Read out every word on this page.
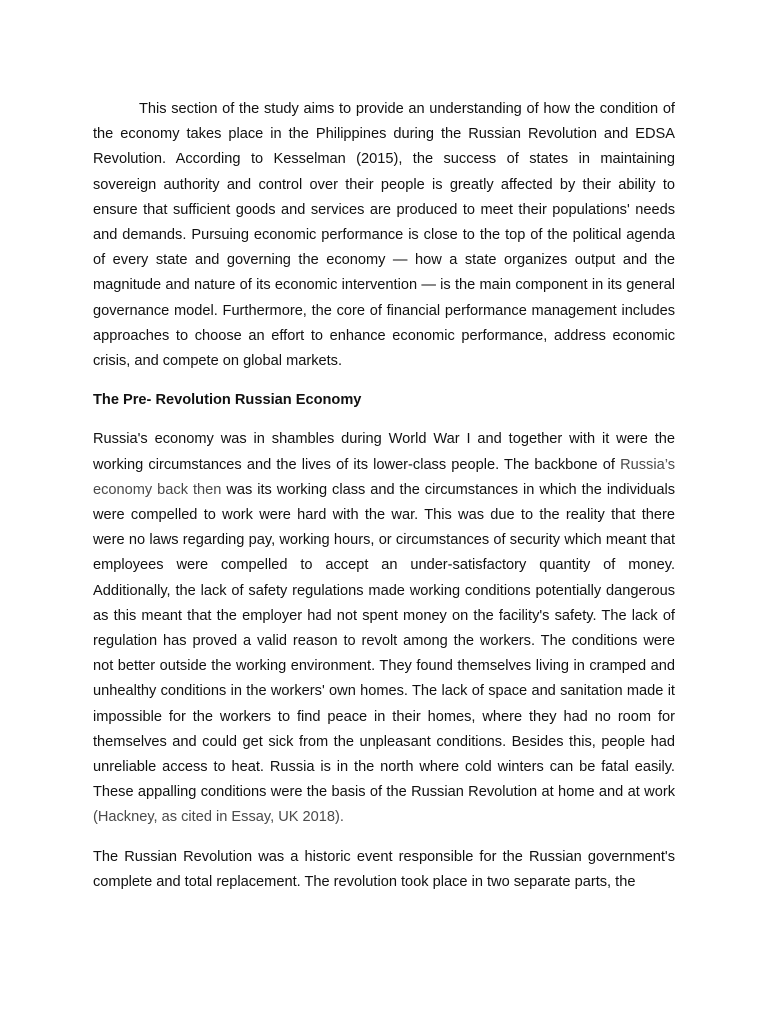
This section of the study aims to provide an understanding of how the condition of the economy takes place in the Philippines during the Russian Revolution and EDSA Revolution. According to Kesselman (2015), the success of states in maintaining sovereign authority and control over their people is greatly affected by their ability to ensure that sufficient goods and services are produced to meet their populations' needs and demands. Pursuing economic performance is close to the top of the political agenda of every state and governing the economy — how a state organizes output and the magnitude and nature of its economic intervention — is the main component in its general governance model. Furthermore, the core of financial performance management includes approaches to choose an effort to enhance economic performance, address economic crisis, and compete on global markets.

The Pre- Revolution Russian Economy

Russia's economy was in shambles during World War I and together with it were the working circumstances and the lives of its lower-class people. The backbone of Russia’s economy back then was its working class and the circumstances in which the individuals were compelled to work were hard with the war. This was due to the reality that there were no laws regarding pay, working hours, or circumstances of security which meant that employees were compelled to accept an under-satisfactory quantity of money. Additionally, the lack of safety regulations made working conditions potentially dangerous as this meant that the employer had not spent money on the facility's safety. The lack of regulation has proved a valid reason to revolt among the workers. The conditions were not better outside the working environment. They found themselves living in cramped and unhealthy conditions in the workers' own homes. The lack of space and sanitation made it impossible for the workers to find peace in their homes, where they had no room for themselves and could get sick from the unpleasant conditions. Besides this, people had unreliable access to heat. Russia is in the north where cold winters can be fatal easily. These appalling conditions were the basis of the Russian Revolution at home and at work (Hackney, as cited in Essay, UK 2018).

The Russian Revolution was a historic event responsible for the Russian government's complete and total replacement. The revolution took place in two separate parts, the
